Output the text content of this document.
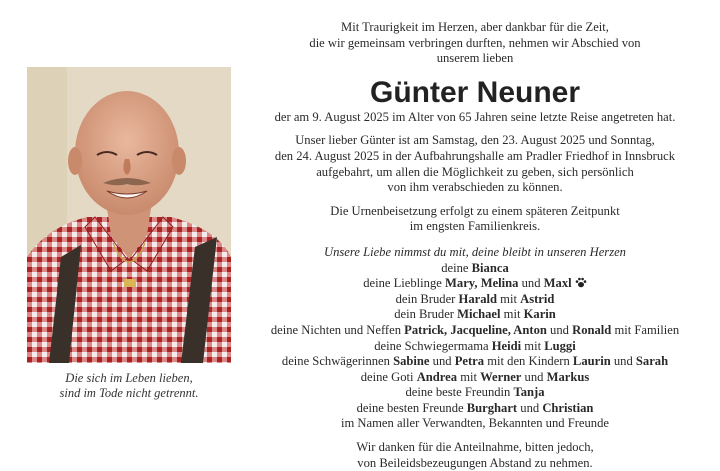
Die sich im Leben lieben,
sind im Tode nicht getrennt.

Mit Traurigkeit im Herzen, aber dankbar für die Zeit,

die wir gemeinsam verbringen durften, nehmen wir Abschied von

unserem lieben

Günter Neuner

der am 9. August 2025 im Alter von 65 Jahren seine letzte Reise angetreten hat.

Unser lieber Günter ist am Samstag, den 23. August 2025 und Sonntag,

den 24. August 2025 in der Aufbahrungshalle am Pradler Friedhof in Innsbruck

aufgebahrt, um allen die Möglichkeit zu geben, sich persönlich

von ihm verabschieden zu können.

Die Urnenbeisetzung erfolgt zu einem späteren Zeitpunkt

im engsten Familienkreis.

Unsere Liebe nimmst du mit, deine bleibt in unseren Herzen

deine Bianca

deine Lieblinge Mary, Melina und Maxl

dein Bruder Harald mit Astrid

dein Bruder Michael mit Karin

deine Nichten und Neffen Patrick, Jacqueline, Anton und Ronald mit Familien

deine Schwiegermama Heidi mit Luggi

deine Schwägerinnen Sabine und Petra mit den Kindern Laurin und Sarah

deine Goti Andrea mit Werner und Markus

deine beste Freundin Tanja

deine besten Freunde Burghart und Christian

im Namen aller Verwandten, Bekannten und Freunde

Wir danken für die Anteilnahme, bitten jedoch,

von Beileidsbezeugungen Abstand zu nehmen.
